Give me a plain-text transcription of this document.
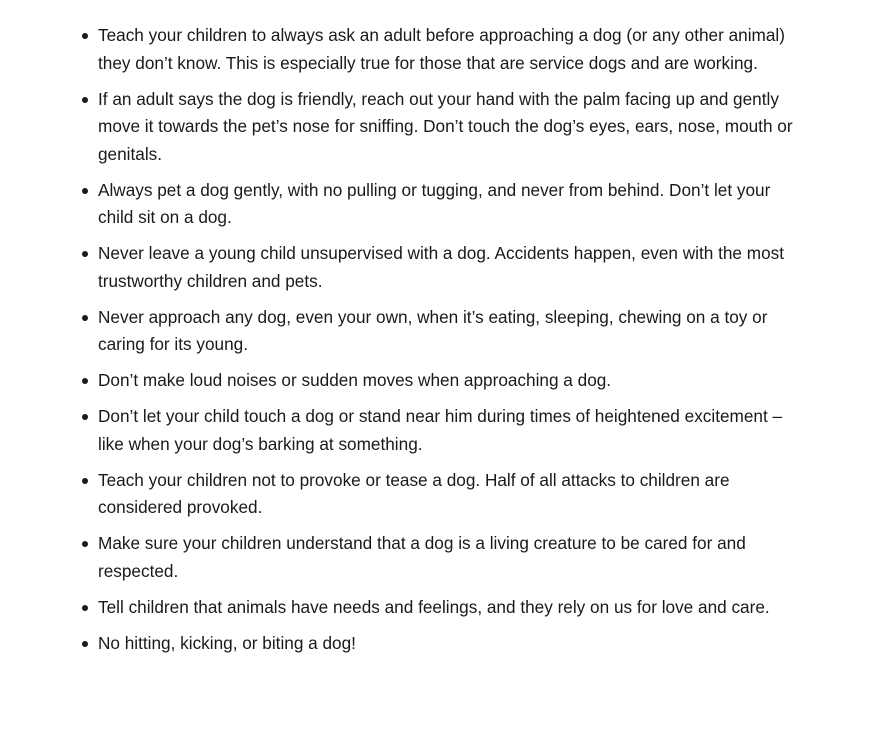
Teach your children to always ask an adult before approaching a dog (or any other animal) they don’t know. This is especially true for those that are service dogs and are working.
If an adult says the dog is friendly, reach out your hand with the palm facing up and gently move it towards the pet’s nose for sniffing. Don’t touch the dog’s eyes, ears, nose, mouth or genitals.
Always pet a dog gently, with no pulling or tugging, and never from behind. Don’t let your child sit on a dog.
Never leave a young child unsupervised with a dog. Accidents happen, even with the most trustworthy children and pets.
Never approach any dog, even your own, when it’s eating, sleeping, chewing on a toy or caring for its young.
Don’t make loud noises or sudden moves when approaching a dog.
Don’t let your child touch a dog or stand near him during times of heightened excitement – like when your dog’s barking at something.
Teach your children not to provoke or tease a dog. Half of all attacks to children are considered provoked.
Make sure your children understand that a dog is a living creature to be cared for and respected.
Tell children that animals have needs and feelings, and they rely on us for love and care.
No hitting, kicking, or biting a dog!
